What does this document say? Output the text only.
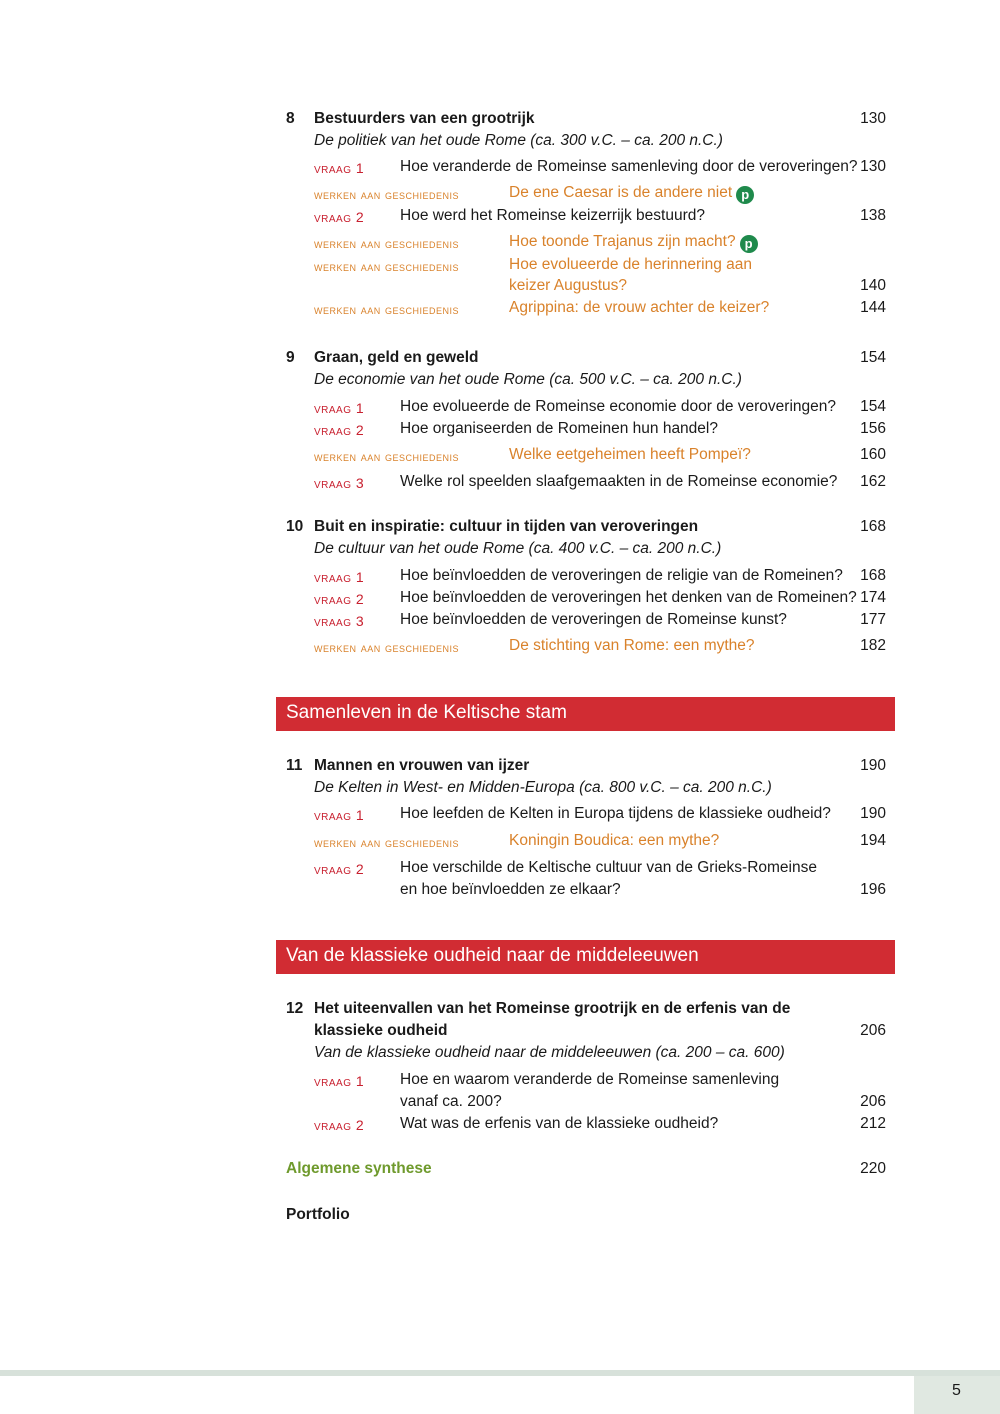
8 Bestuurders van een grootrijk	130
De politiek van het oude Rome (ca. 300 v.C. – ca. 200 n.C.)
vraag 1 Hoe veranderde de Romeinse samenleving door de veroveringen? 130
werken aan geschiedenis	De ene Caesar is de andere niet p
vraag 2 Hoe werd het Romeinse keizerrijk bestuurd?	138
werken aan geschiedenis	Hoe toonde Trajanus zijn macht? p
werken aan geschiedenis	Hoe evolueerde de herinnering aan
keizer Augustus?	140
werken aan geschiedenis	Agrippina: de vrouw achter de keizer?	144
9 Graan, geld en geweld	154
De economie van het oude Rome (ca. 500 v.C. – ca. 200 n.C.)
vraag 1 Hoe evolueerde de Romeinse economie door de veroveringen? 154
vraag 2 Hoe organiseerden de Romeinen hun handel?	156
werken aan geschiedenis	Welke eetgeheimen heeft Pompeï?	160
vraag 3 Welke rol speelden slaafgemaakten in de Romeinse economie? 162
10 Buit en inspiratie: cultuur in tijden van veroveringen	168
De cultuur van het oude Rome (ca. 400 v.C. – ca. 200 n.C.)
vraag 1 Hoe beïnvloedden de veroveringen de religie van de Romeinen? 168
vraag 2 Hoe beïnvloedden de veroveringen het denken van de Romeinen? 174
vraag 3 Hoe beïnvloedden de veroveringen de Romeinse kunst?	177
werken aan geschiedenis	De stichting van Rome: een mythe?	182
Samenleven in de Keltische stam
11 Mannen en vrouwen van ijzer	190
De Kelten in West- en Midden-Europa (ca. 800 v.C. – ca. 200 n.C.)
vraag 1 Hoe leefden de Kelten in Europa tijdens de klassieke oudheid? 190
werken aan geschiedenis	Koningin Boudica: een mythe?	194
vraag 2 Hoe verschilde de Keltische cultuur van de Grieks-Romeinse
en hoe beïnvloedden ze elkaar?	196
Van de klassieke oudheid naar de middeleeuwen
12 Het uiteenvallen van het Romeinse grootrijk en de erfenis van de
klassieke oudheid	206
Van de klassieke oudheid naar de middeleeuwen (ca. 200 – ca. 600)
vraag 1 Hoe en waarom veranderde de Romeinse samenleving
vanaf ca. 200?	206
vraag 2 Wat was de erfenis van de klassieke oudheid?	212
Algemene synthese	220
Portfolio
5
